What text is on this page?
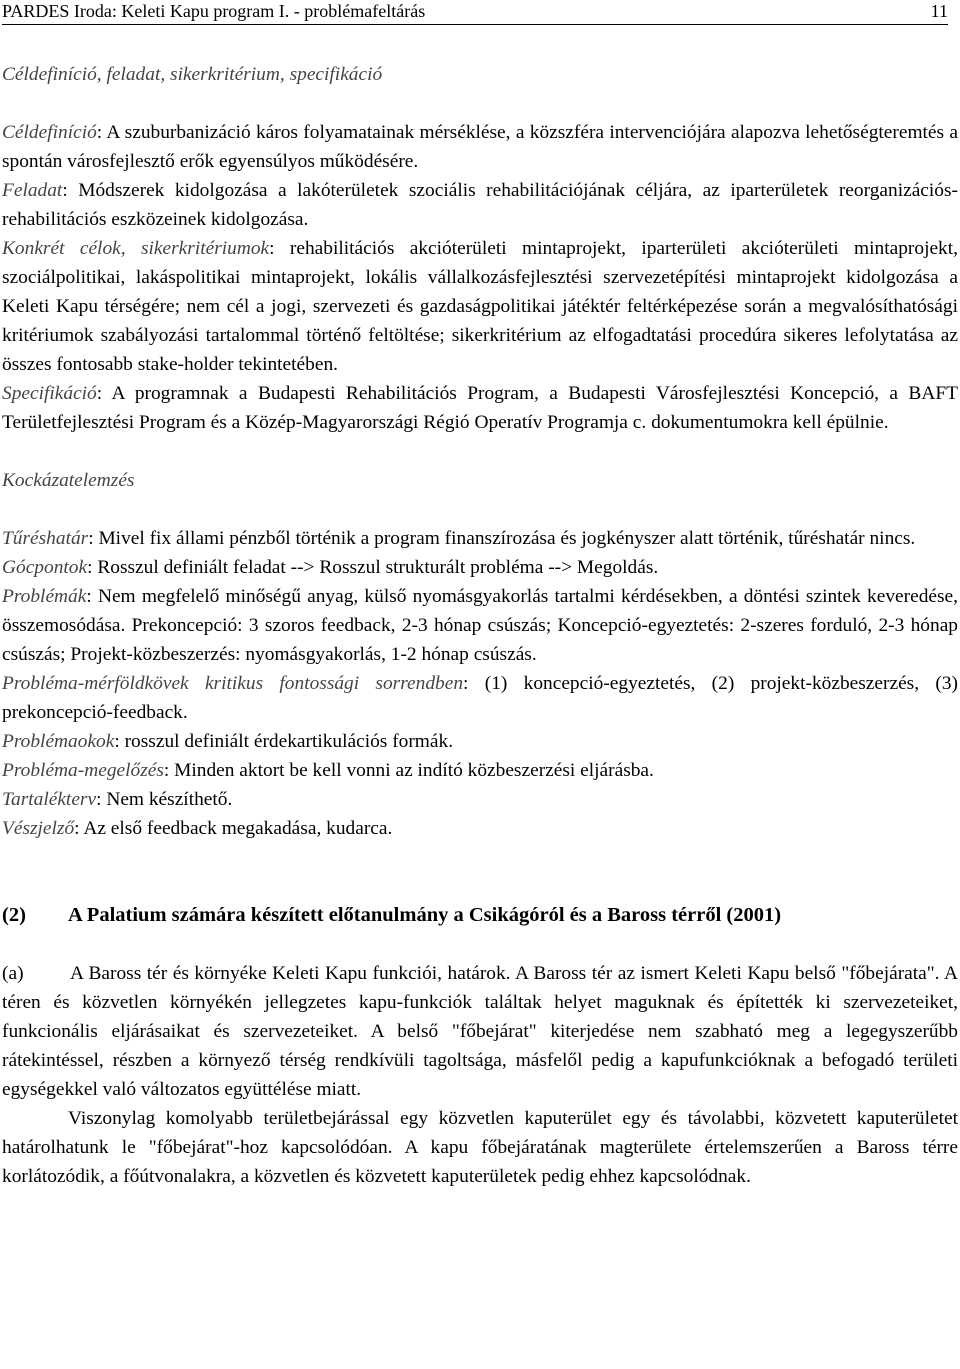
PARDES Iroda: Keleti Kapu program I. - problémafeltárás	11

Céldefiníció, feladat, sikerkritérium, specifikáció

Céldefiníció: A szuburbanizáció káros folyamatainak mérséklése, a közszféra intervenciójára alapozva lehetőségteremtés a spontán városfejlesztő erők egyensúlyos működésére.

Feladat: Módszerek kidolgozása a lakóterületek szociális rehabilitációjának céljára, az iparterületek reorganizációs-rehabilitációs eszközeinek kidolgozása.

Konkrét célok, sikerkritériumok: rehabilitációs akcióterületi mintaprojekt, iparterületi akcióterületi mintaprojekt, szociálpolitikai, lakáspolitikai mintaprojekt, lokális vállalkozásfejlesztési szervezetépítési mintaprojekt kidolgozása a Keleti Kapu térségére; nem cél a jogi, szervezeti és gazdaságpolitikai játéktér feltérképezése során a megvalósíthatósági kritériumok szabályozási tartalommal történő feltöltése; sikerkritérium az elfogadtatási procedúra sikeres lefolytatása az összes fontosabb stake-holder tekintetében.

Specifikáció: A programnak a Budapesti Rehabilitációs Program, a Budapesti Városfejlesztési Koncepció, a BAFT Területfejlesztési Program és a Közép-Magyarországi Régió Operatív Programja c. dokumentumokra kell épülnie.

Kockázatelemzés

Tűréshatár: Mivel fix állami pénzből történik a program finanszírozása és jogkényszer alatt történik, tűréshatár nincs.

Gócpontok: Rosszul definiált feladat --> Rosszul strukturált probléma --> Megoldás.

Problémák: Nem megfelelő minőségű anyag, külső nyomásgyakorlás tartalmi kérdésekben, a döntési szintek keveredése, összemosódása. Prekoncepció: 3 szoros feedback, 2-3 hónap csúszás; Koncepció-egyeztetés: 2-szeres forduló, 2-3 hónap csúszás; Projekt-közbeszerzés: nyomásgyakorlás, 1-2 hónap csúszás.

Probléma-mérföldkövek kritikus fontossági sorrendben: (1) koncepció-egyeztetés, (2) projekt-közbeszerzés, (3) prekoncepció-feedback.

Problémaokok: rosszul definiált érdekartikulációs formák.

Probléma-megelőzés: Minden aktort be kell vonni az indító közbeszerzési eljárásba.

Tartalékterv: Nem készíthető.

Vészjelző: Az első feedback megakadása, kudarca.

(2) A Palatium számára készített előtanulmány a Csikágóról és a Baross térről (2001)

(a) A Baross tér és környéke Keleti Kapu funkciói, határok. A Baross tér az ismert Keleti Kapu belső "főbejárata". A téren és közvetlen környékén jellegzetes kapu-funkciók találtak helyet maguknak és építették ki szervezeteiket, funkcionális eljárásaikat és szervezeteiket. A belső "főbejárat" kiterjedése nem szabható meg a legegyszerűbb rátekintéssel, részben a környező térség rendkívüli tagoltsága, másfelől pedig a kapufunkcióknak a befogadó területi egységekkel való változatos együttélése miatt.

Viszonylag komolyabb területbejárással egy közvetlen kaputerület egy és távolabbi, közvetett kaputerületet határolhatunk le "főbejárat"-hoz kapcsolódóan. A kapu főbejáratának magterülete értelemszerűen a Baross térre korlátozódik, a főútvonalakra, a közvetlen és közvetett kaputerületek pedig ehhez kapcsolódnak.
